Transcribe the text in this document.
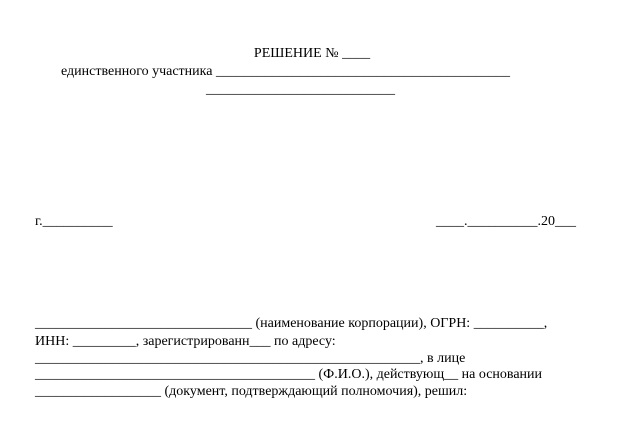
РЕШЕНИЕ № ____
единственного участника __________________________________________
___________________________
г.__________	____.__________.20___
_______________________________ (наименование корпорации), ОГРН: __________,
ИНН: _________, зарегистрированн___ по адресу:
_______________________________________________________, в лице
________________________________________ (Ф.И.О.), действующ__ на основании
__________________ (документ, подтверждающий полномочия), решил:
